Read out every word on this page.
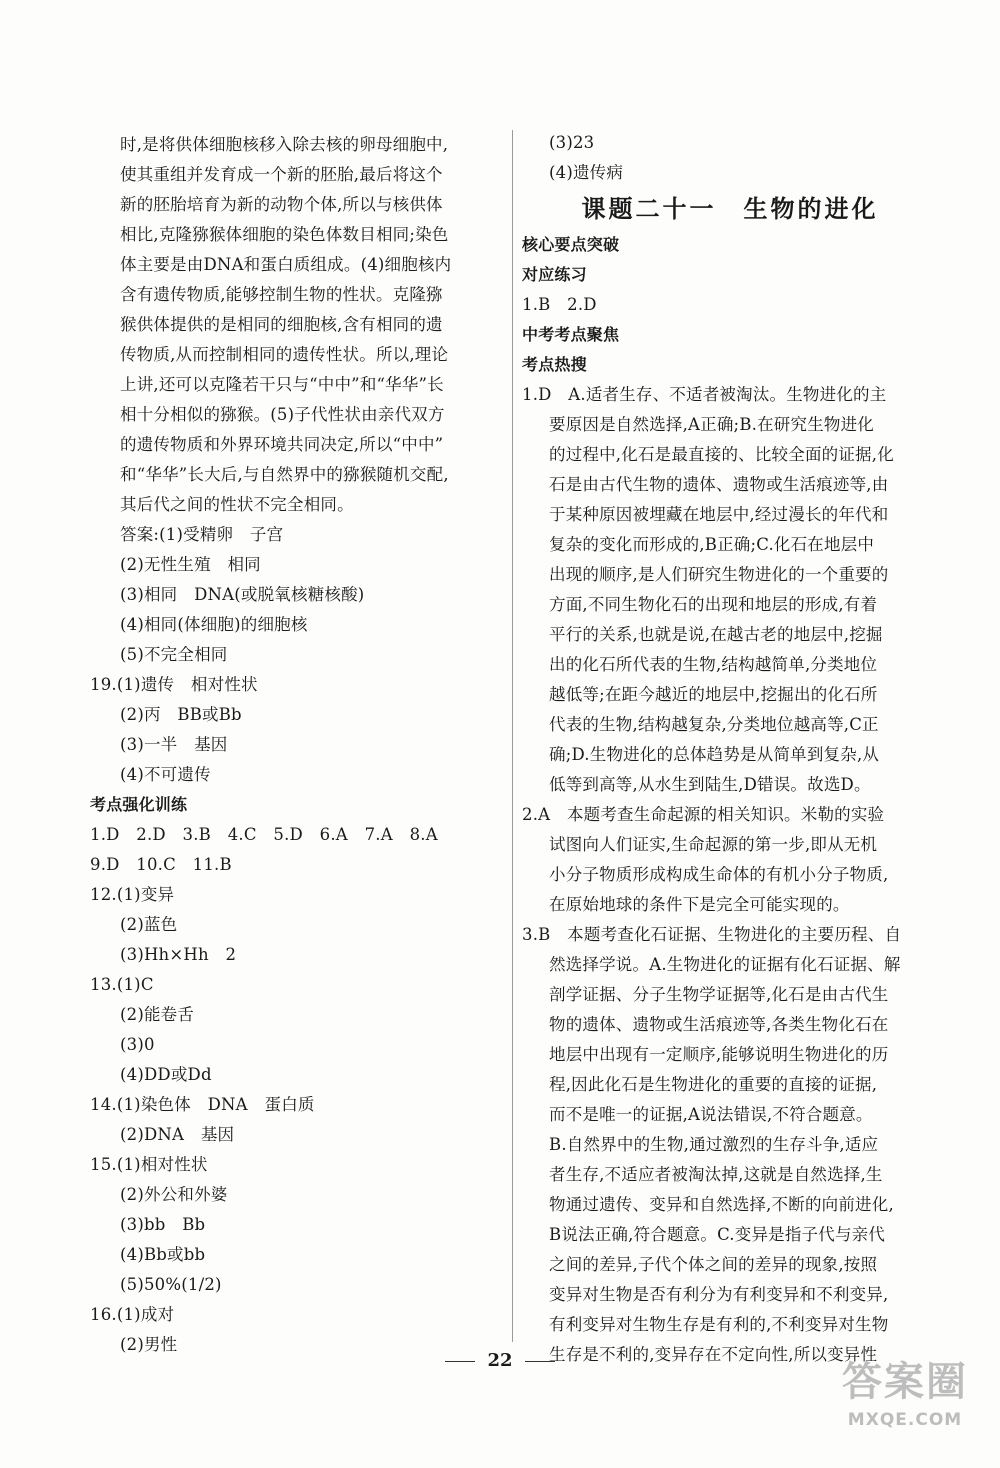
时,是将供体细胞核移入除去核的卵母细胞中,
使其重组并发育成一个新的胚胎,最后将这个
新的胚胎培育为新的动物个体,所以与核供体
相比,克隆猕猴体细胞的染色体数目相同;染色
体主要是由DNA和蛋白质组成。(4)细胞核内
含有遗传物质,能够控制生物的性状。克隆猕
猴供体提供的是相同的细胞核,含有相同的遗
传物质,从而控制相同的遗传性状。所以,理论
上讲,还可以克隆若干只与“中中”和“华华”长
相十分相似的猕猴。(5)子代性状由亲代双方
的遗传物质和外界环境共同决定,所以“中中”
和“华华”长大后,与自然界中的猕猴随机交配,
其后代之间的性状不完全相同。
答案:(1)受精卵　子宫
(2)无性生殖　相同
(3)相同　DNA(或脱氧核糖核酸)
(4)相同(体细胞)的细胞核
(5)不完全相同
19.(1)遗传　相对性状
(2)丙　BB或Bb
(3)一半　基因
(4)不可遗传
考点强化训练
1.D　2.D　3.B　4.C　5.D　6.A　7.A　8.A
9.D　10.C　11.B
12.(1)变异
(2)蓝色
(3)Hh×Hh　2
13.(1)C
(2)能卷舌
(3)0
(4)DD或Dd
14.(1)染色体　DNA　蛋白质
(2)DNA　基因
15.(1)相对性状
(2)外公和外婆
(3)bb　Bb
(4)Bb或bb
(5)50%(1/2)
16.(1)成对
(2)男性
(3)23
(4)遗传病
课题二十一　生物的进化
核心要点突破
对应练习
1.B　2.D
中考考点聚焦
考点热搜
1.D　A.适者生存、不适者被淘汰。生物进化的主
要原因是自然选择,A正确;B.在研究生物进化
的过程中,化石是最直接的、比较全面的证据,化
石是由古代生物的遗体、遗物或生活痕迹等,由
于某种原因被埋藏在地层中,经过漫长的年代和
复杂的变化而形成的,B正确;C.化石在地层中
出现的顺序,是人们研究生物进化的一个重要的
方面,不同生物化石的出现和地层的形成,有着
平行的关系,也就是说,在越古老的地层中,挖掘
出的化石所代表的生物,结构越简单,分类地位
越低等;在距今越近的地层中,挖掘出的化石所
代表的生物,结构越复杂,分类地位越高等,C正
确;D.生物进化的总体趋势是从简单到复杂,从
低等到高等,从水生到陆生,D错误。故选D。
2.A　本题考查生命起源的相关知识。米勒的实验
试图向人们证实,生命起源的第一步,即从无机
小分子物质形成构成生命体的有机小分子物质,
在原始地球的条件下是完全可能实现的。
3.B　本题考查化石证据、生物进化的主要历程、自
然选择学说。A.生物进化的证据有化石证据、解
剖学证据、分子生物学证据等,化石是由古代生
物的遗体、遗物或生活痕迹等,各类生物化石在
地层中出现有一定顺序,能够说明生物进化的历
程,因此化石是生物进化的重要的直接的证据,
而不是唯一的证据,A说法错误,不符合题意。
B.自然界中的生物,通过激烈的生存斗争,适应
者生存,不适应者被淘汰掉,这就是自然选择,生
物通过遗传、变异和自然选择,不断的向前进化,
B说法正确,符合题意。C.变异是指子代与亲代
之间的差异,子代个体之间的差异的现象,按照
变异对生物是否有利分为有利变异和不利变异,
有利变异对生物生存是有利的,不利变异对生物
生存是不利的,变异存在不定向性,所以变异性
22	答案圈
MXQE.COM
